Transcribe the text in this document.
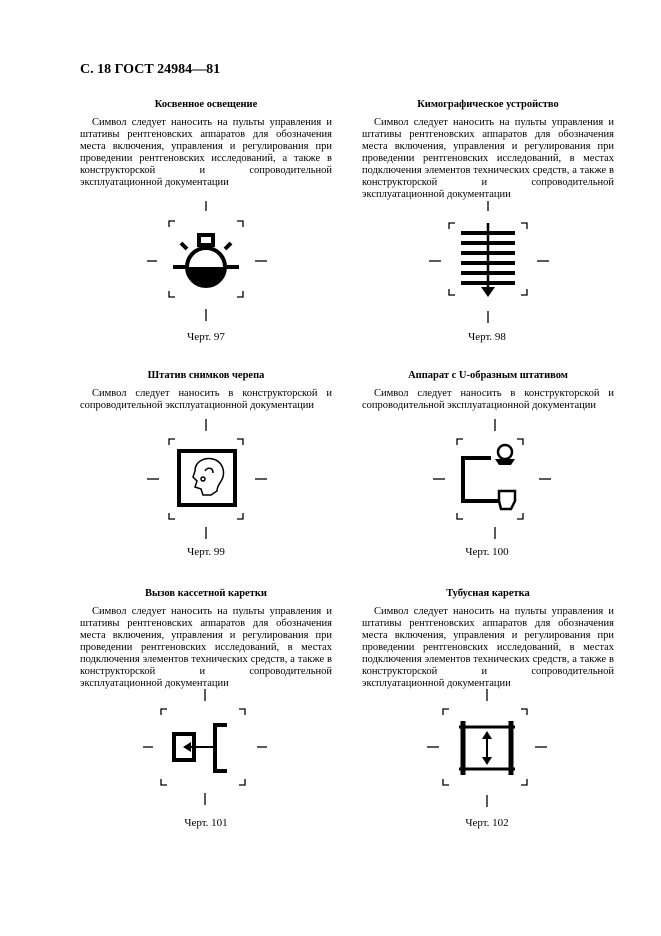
С. 18 ГОСТ 24984—81
Косвенное освещение

Символ следует наносить на пульты управления и штативы рентгеновских аппаратов для обозначения места включения, управления и регулирования при проведении рентгеновских исследований, а также в конструкторской и сопроводительной эксплуатационной документации

Кимографическое устройство

Символ следует наносить на пульты управления и штативы рентгеновских аппаратов для обозначения места включения, управления и регулирования при проведении рентгеновских исследований, в местах подключения элементов технических средств, а также в конструкторской и сопроводительной эксплуатационной документации

Черт. 97	Черт. 98
Штатив снимков черепа

Символ следует наносить в конструкторской и сопроводительной эксплуатационной документации

Аппарат с U-образным штативом

Символ следует наносить в конструкторской и сопроводительной эксплуатационной документации

Черт. 99	Черт. 100
Вызов кассетной каретки

Символ следует наносить на пульты управления и штативы рентгеновских аппаратов для обозначения места включения, управления и регулирования при проведении рентгеновских исследований, в местах подключения элементов технических средств, а также в конструкторской и сопроводительной эксплуатационной документации

Тубусная каретка

Символ следует наносить на пульты управления и штативы рентгеновских аппаратов для обозначения места включения, управления и регулирования при проведении рентгеновских исследований, в местах подключения элементов технических средств, а также в конструкторской и сопроводительной эксплуатационной документации

Черт. 101	Черт. 102
